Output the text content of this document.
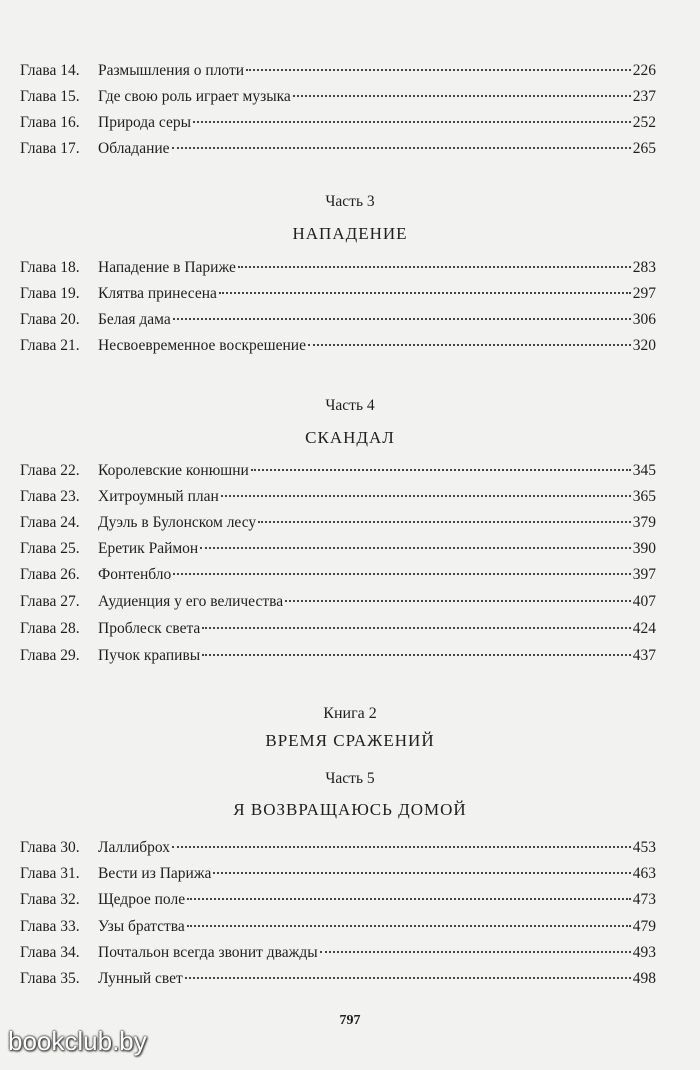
Глава 14.	Размышления о плоти	226
Глава 15.	Где свою роль играет музыка	237
Глава 16.	Природа серы	252
Глава 17.	Обладание	265
Часть 3
НАПАДЕНИЕ
Глава 18.	Нападение в Париже	283
Глава 19.	Клятва принесена	297
Глава 20.	Белая дама	306
Глава 21.	Несвоевременное воскрешение	320
Часть 4
СКАНДАЛ
Глава 22.	Королевские конюшни	345
Глава 23.	Хитроумный план	365
Глава 24.	Дуэль в Булонском лесу	379
Глава 25.	Еретик Раймон	390
Глава 26.	Фонтенбло	397
Глава 27.	Аудиенция у его величества	407
Глава 28.	Проблеск света	424
Глава 29.	Пучок крапивы	437
Книга 2
ВРЕМЯ СРАЖЕНИЙ
Часть 5
Я ВОЗВРАЩАЮСЬ ДОМОЙ
Глава 30.	Лаллиброх	453
Глава 31.	Вести из Парижа	463
Глава 32.	Щедрое поле	473
Глава 33.	Узы братства	479
Глава 34.	Почтальон всегда звонит дважды	493
Глава 35.	Лунный свет	498
797
bookclub.by
